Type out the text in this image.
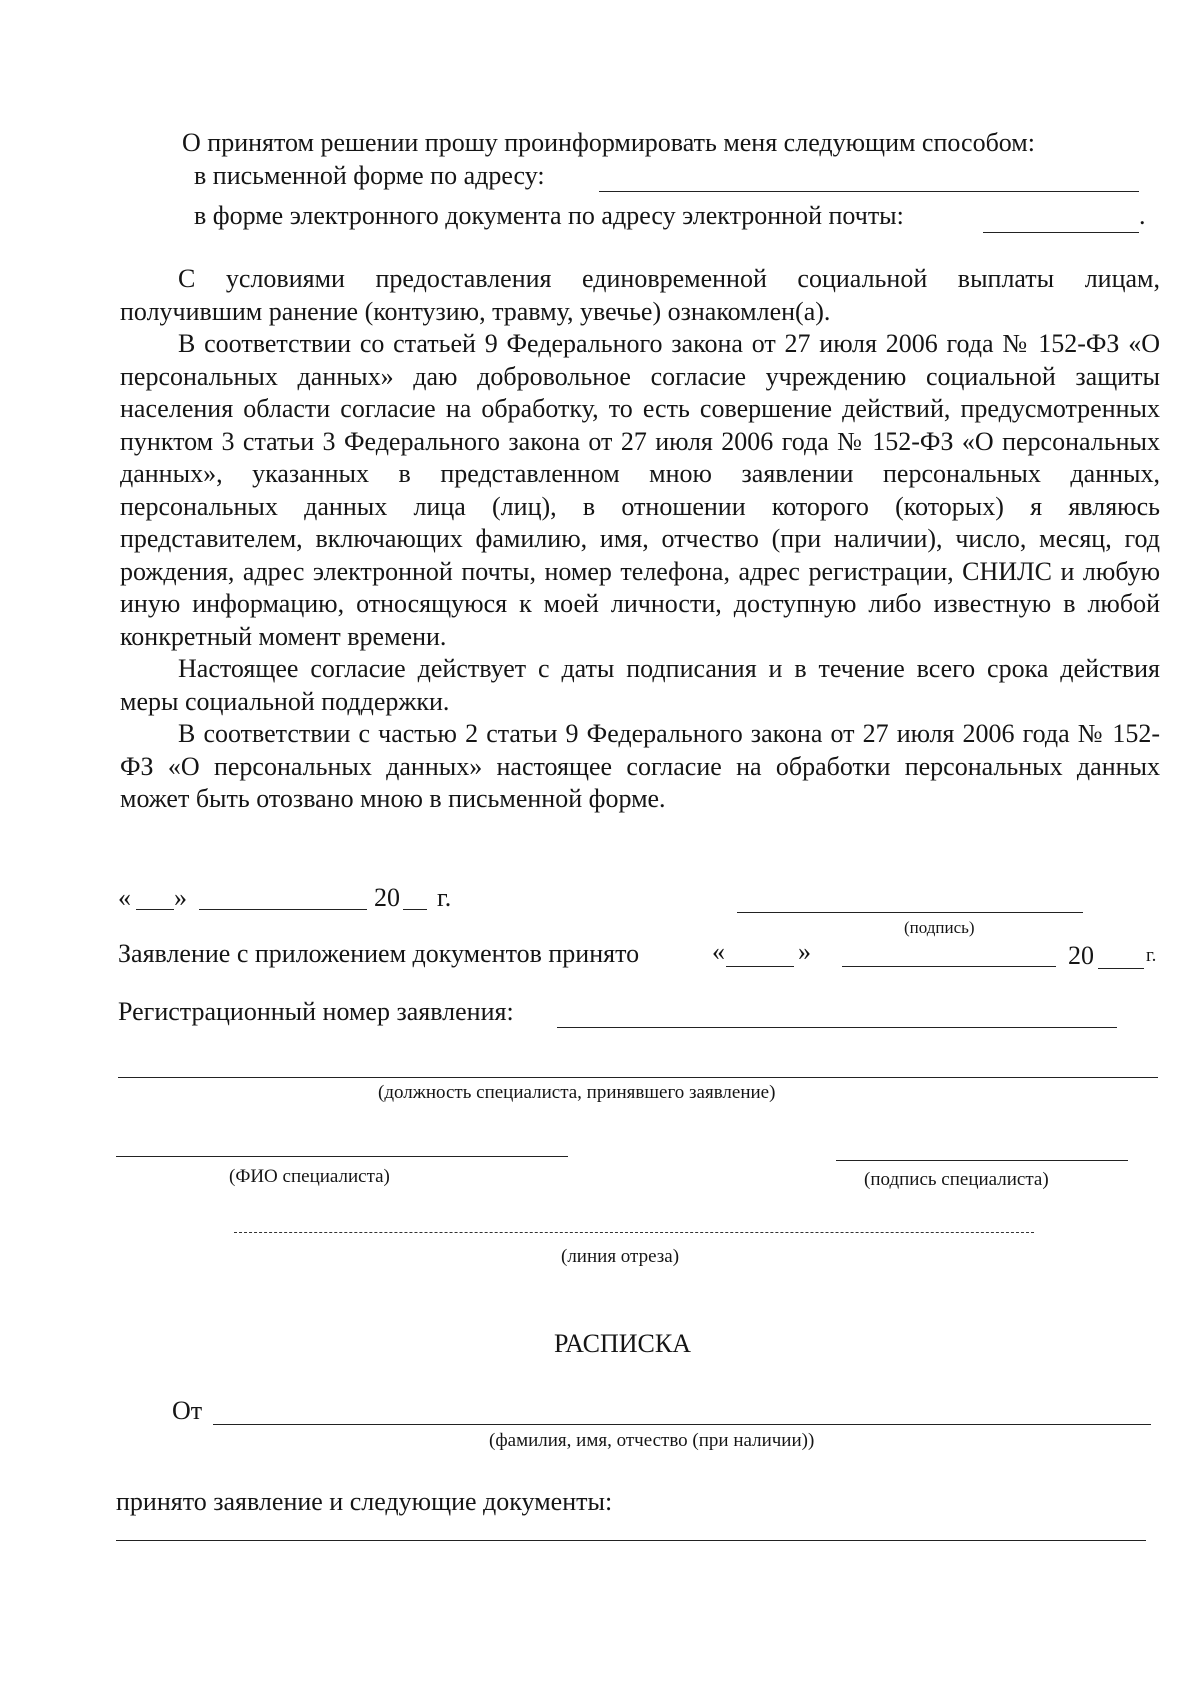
О принятом решении прошу проинформировать меня следующим способом:
в письменной форме по адресу:
в форме электронного документа по адресу электронной почты:	.

С условиями предоставления единовременной социальной выплаты лицам, получившим ранение (контузию, травму, увечье) ознакомлен(а).

В соответствии со статьей 9 Федерального закона от 27 июля 2006 года № 152-ФЗ «О персональных данных» даю добровольное согласие учреждению социальной защиты населения области согласие на обработку, то есть совершение действий, предусмотренных пунктом 3 статьи 3 Федерального закона от 27 июля 2006 года № 152-ФЗ «О персональных данных», указанных в представленном мною заявлении персональных данных, персональных данных лица (лиц), в отношении которого (которых) я являюсь представителем, включающих фамилию, имя, отчество (при наличии), число, месяц, год рождения, адрес электронной почты, номер телефона, адрес регистрации, СНИЛС и любую иную информацию, относящуюся к моей личности, доступную либо известную в любой конкретный момент времени.

Настоящее согласие действует с даты подписания и в течение всего срока действия меры социальной поддержки.

В соответствии с частью 2 статьи 9 Федерального закона от 27 июля 2006 года № 152-ФЗ «О персональных данных» настоящее согласие на обработки персональных данных может быть отозвано мною в письменной форме.

« »	20 г.
(подпись)
Заявление с приложением документов принято	«	»	20	г.
Регистрационный номер заявления:
(должность специалиста, принявшего заявление)
(ФИО специалиста)	(подпись специалиста)
(линия отреза)
РАСПИСКА
От
(фамилия, имя, отчество (при наличии))
принято заявление и следующие документы:
